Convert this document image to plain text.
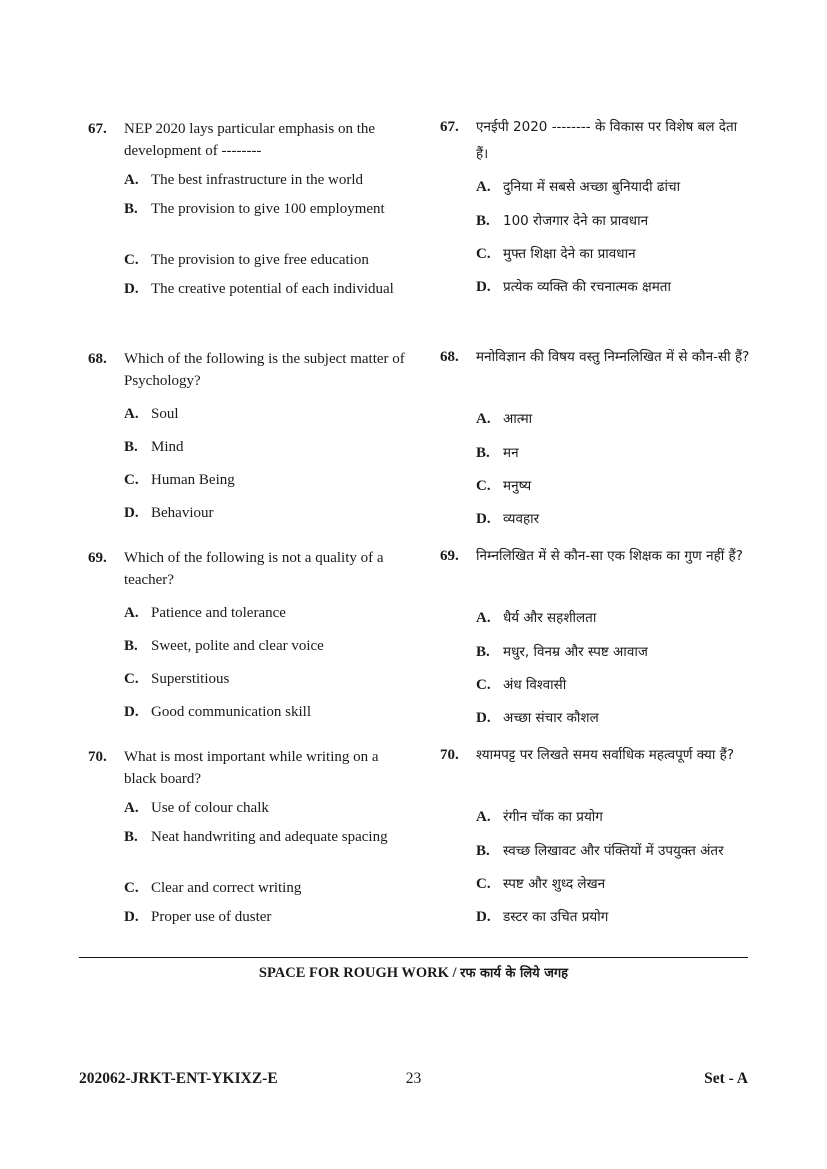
67. NEP 2020 lays particular emphasis on the development of --------
A. The best infrastructure in the world
B. The provision to give 100 employment
C. The provision to give free education
D. The creative potential of each individual
68. Which of the following is the subject matter of Psychology?
A. Soul
B. Mind
C. Human Being
D. Behaviour
69. Which of the following is not a quality of a teacher?
A. Patience and tolerance
B. Sweet, polite and clear voice
C. Superstitious
D. Good communication skill
70. What is most important while writing on a black board?
A. Use of colour chalk
B. Neat handwriting and adequate spacing
C. Clear and correct writing
D. Proper use of duster
67. एनईपी 2020 -------- के विकास पर विशेष बल देता हैं।
A. दुनिया में सबसे अच्छा बुनियादी ढांचा
B. 100 रोजगार देने का प्रावधान
C. मुफ्त शिक्षा देने का प्रावधान
D. प्रत्येक व्यक्ति की रचनात्मक क्षमता
68. मनोविज्ञान की विषय वस्तु निम्नलिखित में से कौन-सी हैं?
A. आत्मा
B. मन
C. मनुष्य
D. व्यवहार
69. निम्नलिखित में से कौन-सा एक शिक्षक का गुण नहीं हैं?
A. धैर्य और सहशीलता
B. मधुर, विनम्र और स्पष्ट आवाज
C. अंध विश्वासी
D. अच्छा संचार कौशल
70. श्यामपट्ट पर लिखते समय सर्वाधिक महत्वपूर्ण क्या हैं?
A. रंगीन चॉक का प्रयोग
B. स्वच्छ लिखावट और पंक्तियों में उपयुक्त अंतर
C. स्पष्ट और शुध्द लेखन
D. डस्टर का उचित प्रयोग
SPACE FOR ROUGH WORK / रफ कार्य के लिये जगह
23
202062-JRKT-ENT-YKIXZ-E	Set - A
